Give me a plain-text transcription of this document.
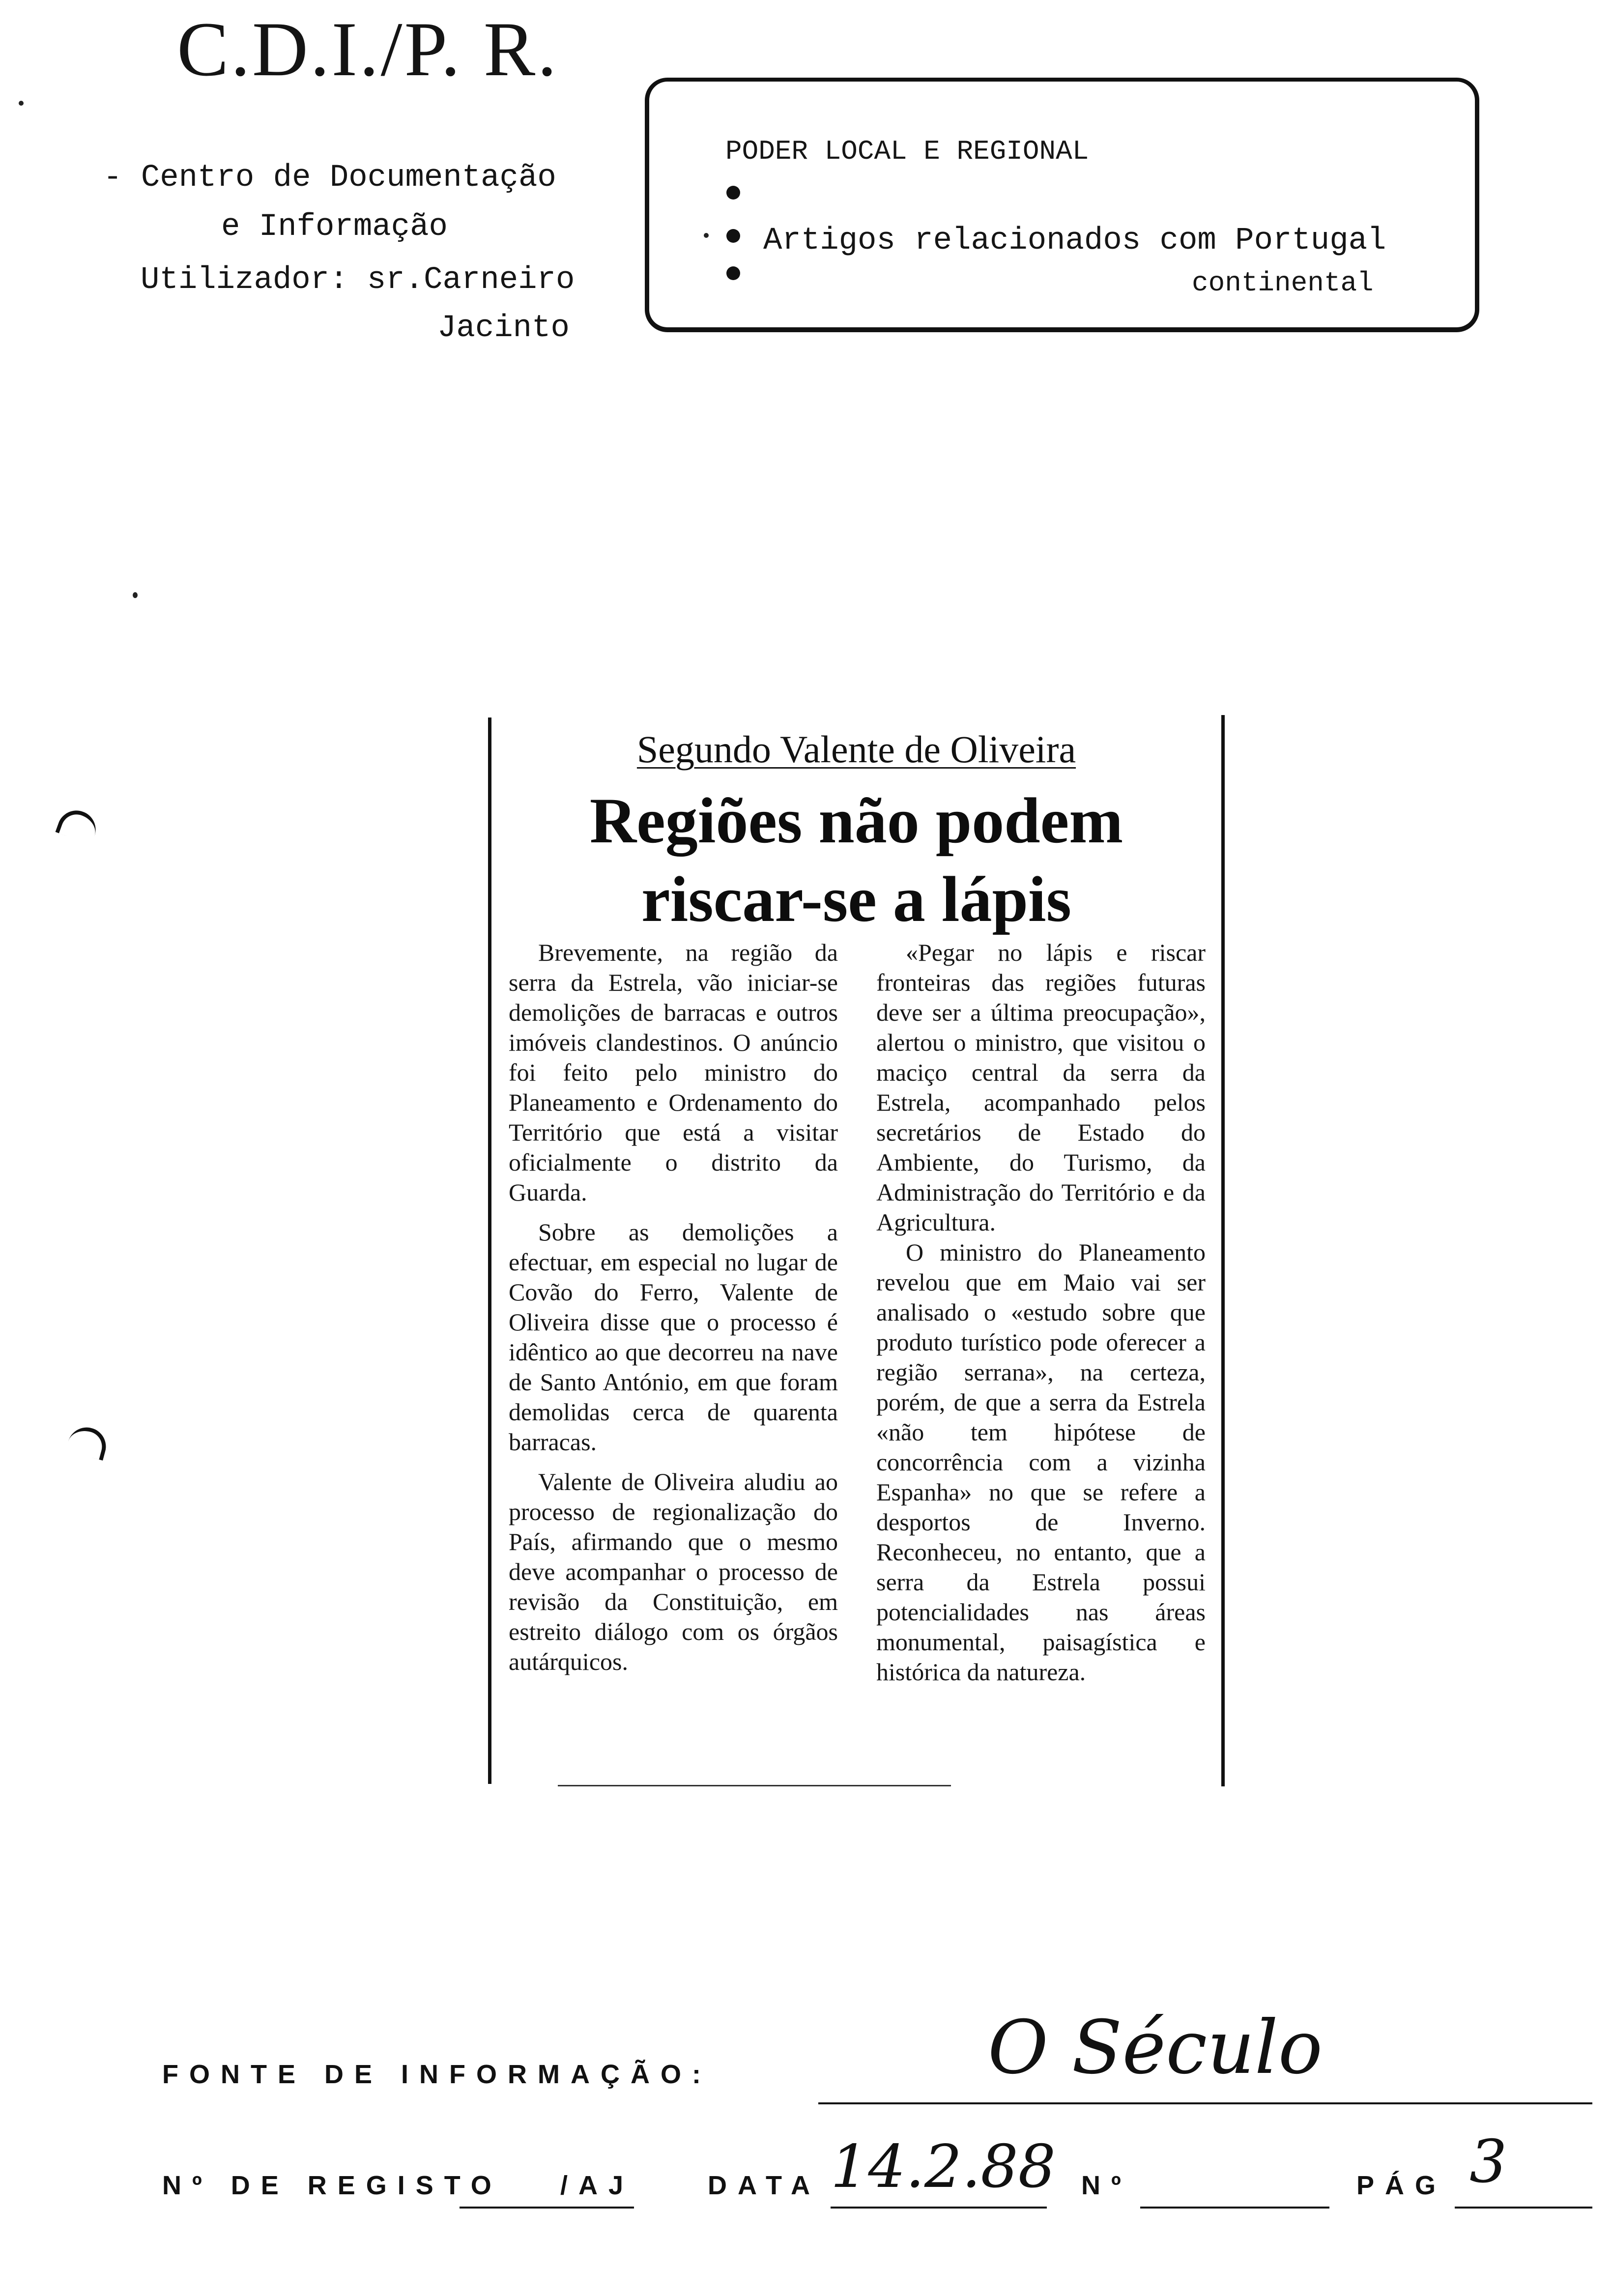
C.D.I./P. R.
- Centro de Documentação
e Informação
Utilizador: sr.Carneiro
Jacinto
PODER LOCAL E REGIONAL
Artigos relacionados com Portugal
continental
Segundo Valente de Oliveira
Regiões não podem
riscar-se a lápis

Brevemente, na região da serra da Estrela, vão iniciar-se demolições de barracas e outros imóveis clandestinos. O anúncio foi feito pelo ministro do Planeamento e Ordenamento do Território que está a visitar oficialmente o distrito da Guarda.

Sobre as demolições a efectuar, em especial no lugar de Covão do Ferro, Valente de Oliveira disse que o processo é idêntico ao que decorreu na nave de Santo António, em que foram demolidas cerca de quarenta barracas.

Valente de Oliveira aludiu ao processo de regionalização do País, afirmando que o mesmo deve acompanhar o processo de revisão da Constituição, em estreito diálogo com os órgãos autárquicos.

«Pegar no lápis e riscar fronteiras das regiões futuras deve ser a última preocupação», alertou o ministro, que visitou o maciço central da serra da Estrela, acompanhado pelos secretários de Estado do Ambiente, do Turismo, da Administração do Território e da Agricultura.

O ministro do Planeamento revelou que em Maio vai ser analisado o «estudo sobre que produto turístico pode oferecer a região serrana», na certeza, porém, de que a serra da Estrela «não tem hipótese de concorrência com a vizinha Espanha» no que se refere a desportos de Inverno. Reconheceu, no entanto, que a serra da Estrela possui potencialidades nas áreas monumental, paisagística e histórica da natureza.

FONTE DE INFORMAÇÃO:	O Século
Nº DE REGISTO /AJ	DATA 14.2.88 Nº	PÁG 3
